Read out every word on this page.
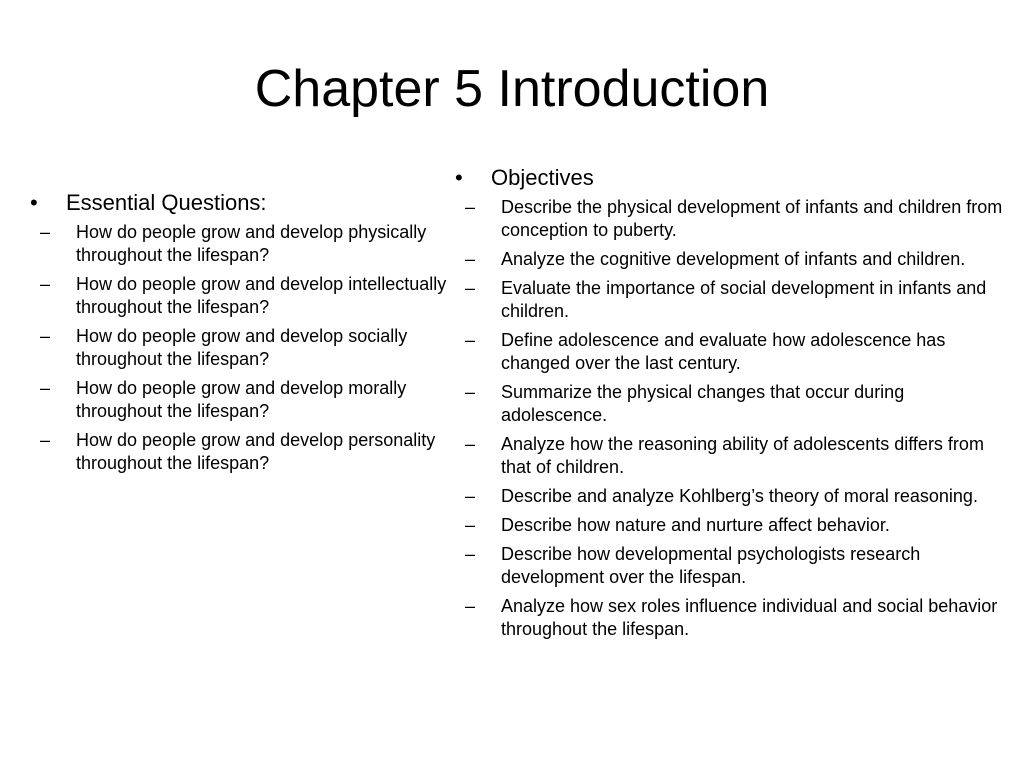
Chapter 5 Introduction
•	Essential Questions:
– How do people grow and develop physically throughout the lifespan?
– How do people grow and develop intellectually throughout the lifespan?
– How do people grow and develop socially throughout the lifespan?
– How do people grow and develop morally throughout the lifespan?
– How do people grow and develop personality throughout the lifespan?
•	Objectives
– Describe the physical development of infants and children from conception to puberty.
– Analyze the cognitive development of infants and children.
– Evaluate the importance of social development in infants and children.
– Define adolescence and evaluate how adolescence has changed over the last century.
– Summarize the physical changes that occur during adolescence.
– Analyze how the reasoning ability of adolescents differs from that of children.
– Describe and analyze Kohlberg’s theory of moral reasoning.
– Describe how nature and nurture affect behavior.
– Describe how developmental psychologists research development over the lifespan.
– Analyze how sex roles influence individual and social behavior throughout the lifespan.
